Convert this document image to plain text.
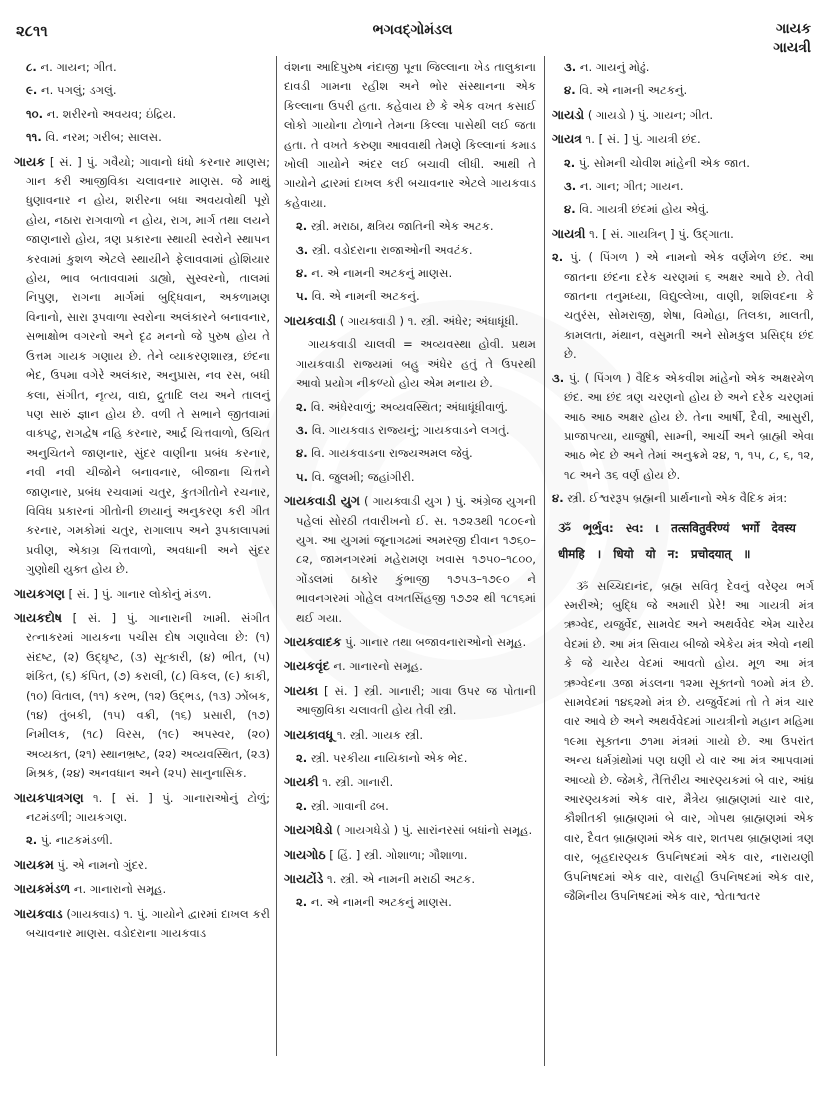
૨૮૧૧	ભગવદ્ગોમંડલ	ગાયક
ગાયત્રી

૮. ન. ગાયન; ગીત.

૯. ન. પગલું; ડગલું.

૧૦. ન. શરીરનો અવયવ; ઇંદ્રિય.

૧૧. વિ. નરમ; ગરીબ; સાલસ.

ગાયક [ સં. ] પું. ગવૈયો; ગાવાનો ધંધો કરનાર માણસ; ગાન કરી આજીવિકા ચલાવનાર માણસ. જે માથું ધુણાવનાર ન હોય, શરીરના બધા અવયવોથી પૂરો હોય, નઠારા રાગવાળો ન હોય, રાગ, માર્ગ તથા લયને જાણનારો હોય, ત્રણ પ્રકારના સ્થાયી સ્વરોને સ્થાપન કરવામાં કુશળ એટલે સ્થાયીને ફેલાવવામાં હોશિયાર હોય, ભાવ બતાવવામાં ડાહ્યો, સુસ્વરનો, તાલમાં નિપુણ, રાગના માર્ગમાં બુદ્ધિવાન, અકળામણ વિનાનો, સારા રૂપવાળા સ્વરોના અલંકારને બનાવનાર, સભાક્ષોભ વગરનો અને દૃઢ મનનો જે પુરુષ હોય તે ઉત્તમ ગાયક ગણાય છે. તેને વ્યાકરણશાસ્ત્ર, છંદના ભેદ, ઉપમા વગેરે અલંકાર, અનુપ્રાસ, નવ રસ, બધી કલા, સંગીત, નૃત્ય, વાદ્ય, દ્રુતાદિ લય અને તાલનું પણ સારું જ્ઞાન હોય છે. વળી તે સભાને જીતવામાં વાક્પટુ, રાગદ્વેષ નહિ કરનાર, આર્દ્ર ચિત્તવાળો, ઉચિત અનુચિતને જાણનાર, સુંદર વાણીના પ્રબંધ કરનાર, નવી નવી ચીજોને બનાવનાર, બીજાના ચિત્તને જાણનાર, પ્રબંધ રચવામાં ચતુર, કુતગીતોને રચનાર, વિવિધ પ્રકારનાં ગીતોની છાયાનું અનુકરણ કરી ગીત કરનાર, ગમકોમાં ચતુર, રાગાલાપ અને રૂપકાલાપમાં પ્રવીણ, એકાગ્ર ચિત્તવાળો, અવધાની અને સુંદર ગુણોથી યુક્ત હોય છે.

ગાયકગણ [ સં. ] પું. ગાનાર લોકોનું મંડળ.

ગાયકદોષ [ સં. ] પું. ગાનારાની ખામી. સંગીત રત્નાકરમાં ગાયકના પચીસ દોષ ગણાવેલા છે: (૧) સંદષ્ટ, (૨) ઉદ્ઘૃષ્ટ, (૩) સૂત્કારી, (૪) ભીત, (૫) શંકિત, (૬) કંપિત, (૭) કરાલી, (૮) વિકલ, (૯) કાકી, (૧૦) વિતાલ, (૧૧) કરભ, (૧૨) ઉદ્ભડ, (૧૩) ઝોંબક, (૧૪) તુંબકી, (૧૫) વક્રી, (૧૬) પ્રસારી, (૧૭) નિમીલક, (૧૮) વિરસ, (૧૯) અપસ્વર, (૨૦) અવ્યક્ત, (૨૧) સ્થાનભ્રષ્ટ, (૨૨) અવ્યવસ્થિત, (૨૩) મિશ્રક, (૨૪) અનવધાન અને (૨૫) સાનુનાસિક.

ગાયકપાત્રગણ ૧. [ સં. ] પું. ગાનારાઓનું ટોળું; નટમંડળી; ગાયકગણ.

૨. પું. નાટકમંડળી.

ગાયકમ પું. એ નામનો ગુંદર.

ગાયકમંડળ ન. ગાનારાનો સમૂહ.

ગાયકવાડ (ગાયક્વાડ) ૧. પું. ગાયોને દ્વારમાં દાખલ કરી બચાવનાર માણસ. વડોદરાના ગાયકવાડ

વંશના આદિપુરુષ નંદાજી પૂના જિલ્લાના ખેડ તાલુકાના દાવડી ગામના રહીશ અને ભોર સંસ્થાનના એક કિલ્લાના ઉપરી હતા. કહેવાય છે કે એક વખત કસાઈ લોકો ગાયોના ટોળાને તેમના કિલ્લા પાસેથી લઈ જતા હતા. તે વખતે કરુણા આવવાથી તેમણે કિલ્લાનાં કમાડ ખોલી ગાયોને અંદર લઈ બચાવી લીધી. આથી તે ગાયોને દ્વારમાં દાખલ કરી બચાવનાર એટલે ગાયકવાડ કહેવાયા.

૨. સ્ત્રી. મરાઠા, ક્ષત્રિય જાતિની એક અટક.

૩. સ્ત્રી. વડોદરાના રાજાઓની અવટંક.

૪. ન. એ નામની અટકનું માણસ.

૫. વિ. એ નામની અટકનું.

ગાયકવાડી ( ગાયક્વાડી ) ૧. સ્ત્રી. અંધેર; અંધાધૂંધી.

ગાયકવાડી ચાલવી = અવ્યવસ્થા હોવી. પ્રથમ ગાયકવાડી રાજ્યમાં બહુ અંધેર હતું તે ઉપરથી આવો પ્રયોગ નીકળ્યો હોય એમ મનાય છે.

૨. વિ. અંધેરવાળું; અવ્યવસ્થિત; અંધાધૂંધીવાળું.

૩. વિ. ગાયકવાડ રાજ્યનું; ગાયકવાડને લગતું.

૪. વિ. ગાયકવાડના રાજ્યઅમલ જેવું.

૫. વિ. જુલમી; જહાંગીરી.

ગાયકવાડી યુગ ( ગાયક્વાડી યુગ ) પું. અંગ્રેજ યુગની પહેલાં સોરઠી તવારીખનો ઈ. સ. ૧૭૨૩થી ૧૮૦૯નો યુગ. આ યુગમાં જૂનાગઢમાં અમરજી દીવાન ૧૭૬૦–૮૨, જામનગરમાં મહેરામણ ખવાસ ૧૭૫૦–૧૮૦૦, ગોંડલમાં ઠાકોર કુંભાજી ૧૭૫૩–૧૭૯૦ ને ભાવનગરમાં ગોહેલ વખતસિંહજી ૧૭૭૨ થી ૧૮૧૬માં થઈ ગયા.

ગાયકવાદક પું. ગાનાર તથા બજાવનારાઓનો સમૂહ.

ગાયકવૃંદ ન. ગાનારનો સમૂહ.

ગાયકા [ સં. ] સ્ત્રી. ગાનારી; ગાવા ઉપર જ પોતાની આજીવિકા ચલાવતી હોય તેવી સ્ત્રી.

ગાયકાવધૂ ૧. સ્ત્રી. ગાયક સ્ત્રી.

૨. સ્ત્રી. પરકીયા નાયિકાનો એક ભેદ.

ગાયકી ૧. સ્ત્રી. ગાનારી.

૨. સ્ત્રી. ગાવાની ઢબ.

ગાયગધેડો ( ગાયગધેડો ) પું. સારાંનરસાં બધાંનો સમૂહ.

ગાયગોઠ [ હિં. ] સ્ત્રી. ગોશાળા; ગૌશાળા.

ગાયટોંડે ૧. સ્ત્રી. એ નામની મરાઠી અટક.

૨. ન. એ નામની અટકનું માણસ.

૩. ન. ગાયનું મોઢું.

૪. વિ. એ નામની અટકનું.

ગાયડો ( ગાયડો ) પું. ગાયન; ગીત.

ગાયત્ર ૧. [ સં. ] પું. ગાયત્રી છંદ.

૨. પું. સોમની ચોવીશ માંહેની એક જાત.

૩. ન. ગાન; ગીત; ગાયન.

૪. વિ. ગાયત્રી છંદમાં હોય એવું.

ગાયત્રી ૧. [ સં. ગાયત્રિન્ ] પું. ઉદ્ગાતા.

૨. પું. ( પિંગળ ) એ નામનો એક વર્ણમેળ છંદ. આ જાતના છંદના દરેક ચરણમાં ૬ અક્ષર આવે છે. તેવી જાતના તનુમધ્યા, વિદ્યુલ્લેખા, વાણી, શશિવદના કે ચતુરંસ, સોમરાજી, શેષા, વિમોહા, તિલકા, માલતી, કામલતા, મંથાન, વસુમતી અને સોમકુલ પ્રસિદ્ધ છંદ છે.

૩. પું. ( પિંગળ ) વૈદિક એકવીશ માંહેનો એક અક્ષરમેળ છંદ. આ છંદ ત્રણ ચરણનો હોય છે અને દરેક ચરણમાં આઠ આઠ અક્ષર હોય છે. તેના આર્ષી, દૈવી, આસુરી, પ્રાજાપત્યા, યાજુષી, સામ્ની, આર્ચી અને બ્રાહ્મી એવા આઠ ભેદ છે અને તેમાં અનુક્રમે ૨૪, ૧, ૧૫, ૮, ૬, ૧૨, ૧૮ અને ૩૬ વર્ણ હોય છે.

૪. સ્ત્રી. ઈશ્વરરૂપ બ્રહ્મની પ્રાર્થનાનો એક વૈદિક મંત્ર:

ૐ ભૂર્ભુવ: સ્વ: । तत्सवितुर्वरेण्यं भर्गो देवस्य
धीमहि । धियो यो न: प्रचोदयात् ॥

ૐ સચ્ચિદાનંદ, બ્રહ્મ સવિતૃ દેવનું વરેણ્ય ભર્ગ સ્મરીએ; બુદ્ધિ જે અમારી પ્રેરે! આ ગાયત્રી મંત્ર ઋગ્વેદ, યજુર્વેદ, સામવેદ અને અથર્વવેદ એમ ચારેય વેદમાં છે. આ મંત્ર સિવાય બીજો એકેય મંત્ર એવો નથી કે જે ચારેય વેદમાં આવતો હોય. મૂળ આ મંત્ર ઋગ્વેદના ૩જા મંડલના ૧૨મા સૂક્તનો ૧૦મો મંત્ર છે. સામવેદમાં ૧૪૬૨મો મંત્ર છે. યજુર્વેદમાં તો તે મંત્ર ચાર વાર આવે છે અને અથર્વવેદમાં ગાયત્રીનો મહાન મહિમા ૧૯મા સૂક્તના ૭૧મા મંત્રમાં ગાયો છે. આ ઉપરાંત અન્ય ધર્મગ્રંથોમાં પણ ઘણી યે વાર આ મંત્ર આપવામાં આવ્યો છે. જેમકે, તૈત્તિરીય આરણ્યકમાં બે વાર, આંધ્ર આરણ્યકમાં એક વાર, મૈત્રેય બ્રાહ્મણમાં ચાર વાર, કૌશીતકી બ્રાહ્મણમાં બે વાર, ગોપથ બ્રાહ્મણમાં એક વાર, દૈવત બ્રાહ્મણમાં એક વાર, શતપથ બ્રાહ્મણમાં ત્રણ વાર, બૃહદારણ્યક ઉપનિષદમાં એક વાર, નારાયણી ઉપનિષદમાં એક વાર, વારાહી ઉપનિષદમાં એક વાર, જૈમિનીય ઉપનિષદમાં એક વાર, શ્વેતાશ્વતર
